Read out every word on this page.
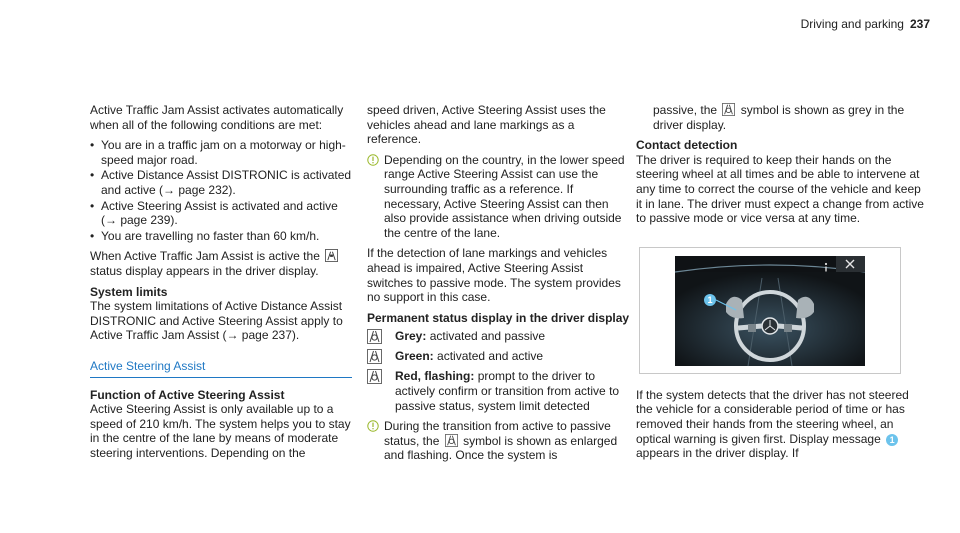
Driving and parking 237

Active Traffic Jam Assist activates automatically when all of the following conditions are met:

• You are in a traffic jam on a motorway or high-speed major road.
• Active Distance Assist DISTRONIC is activated and active (→ page 232).
• Active Steering Assist is activated and active (→ page 239).
• You are travelling no faster than 60 km/h.

When Active Traffic Jam Assist is active the  status display appears in the driver display.

System limits

The system limitations of Active Distance Assist DISTRONIC and Active Steering Assist apply to Active Traffic Jam Assist (→ page 237).

Active Steering Assist
Function of Active Steering Assist

Active Steering Assist is only available up to a speed of 210 km/h. The system helps you to stay in the centre of the lane by means of moderate steering interventions. Depending on the

speed driven, Active Steering Assist uses the vehicles ahead and lane markings as a reference.

Depending on the country, in the lower speed range Active Steering Assist can use the surrounding traffic as a reference. If necessary, Active Steering Assist can then also provide assistance when driving outside the centre of the lane.

If the detection of lane markings and vehicles ahead is impaired, Active Steering Assist switches to passive mode. The system provides no support in this case.

Permanent status display in the driver display
Grey: activated and passive
Green: activated and active
Red, flashing: prompt to the driver to actively confirm or transition from active to passive status, system limit detected
During the transition from active to passive status, the symbol is shown as enlarged and flashing. Once the system is

passive, the symbol is shown as grey in the driver display.

Contact detection

The driver is required to keep their hands on the steering wheel at all times and be able to intervene at any time to correct the course of the vehicle and keep it in lane. The driver must expect a change from active to passive mode or vice versa at any time.

1

If the system detects that the driver has not steered the vehicle for a considerable period of time or has removed their hands from the steering wheel, an optical warning is given first. Display message 1 appears in the driver display. If
